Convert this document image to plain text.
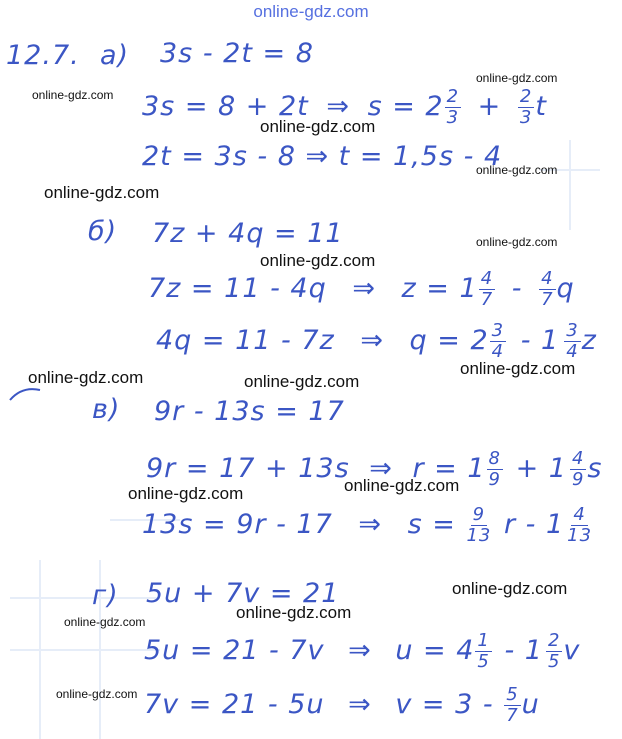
online-gdz.com
12.7. а) 3s - 2t = 8
3s = 8 + 2t ⇒ $s = 2 \frac{2}{3} + \frac{2}{3}$ t
2t = 3s - 8 ⇒ t = 1,5s - 4
б) 7z + 4q = 11
7z = 11 - 4q ⇒ $z = 1 \frac{4}{7} - \frac{4}{7}$ q
4q = 11 - 7z ⇒ $q = 2 \frac{3}{4} - 1 \frac{3}{4}$ z
в) 9r - 13s = 17
9r = 17 + 13s ⇒ $r = 1 \frac{8}{9} + 1 \frac{4}{9}$ s
13s = 9r - 17 ⇒ $s = \frac{9}{13}$ r - $1 \frac{4}{13}$
г) 5u + 7v = 21
5u = 21 - 7v ⇒ $u = 4 \frac{1}{5} - 1 \frac{2}{5}$ v
7v = 21 - 5u ⇒ $v = 3 - \frac{5}{7}$ u
online-gdz.com
online-gdz.com
online-gdz.com
online-gdz.com
online-gdz.com
online-gdz.com
online-gdz.com
online-gdz.com
online-gdz.com	online-gdz.com
online-gdz.com
online-gdz.com
online-gdz.com
online-gdz.com
online-gdz.com
online-gdz.com
